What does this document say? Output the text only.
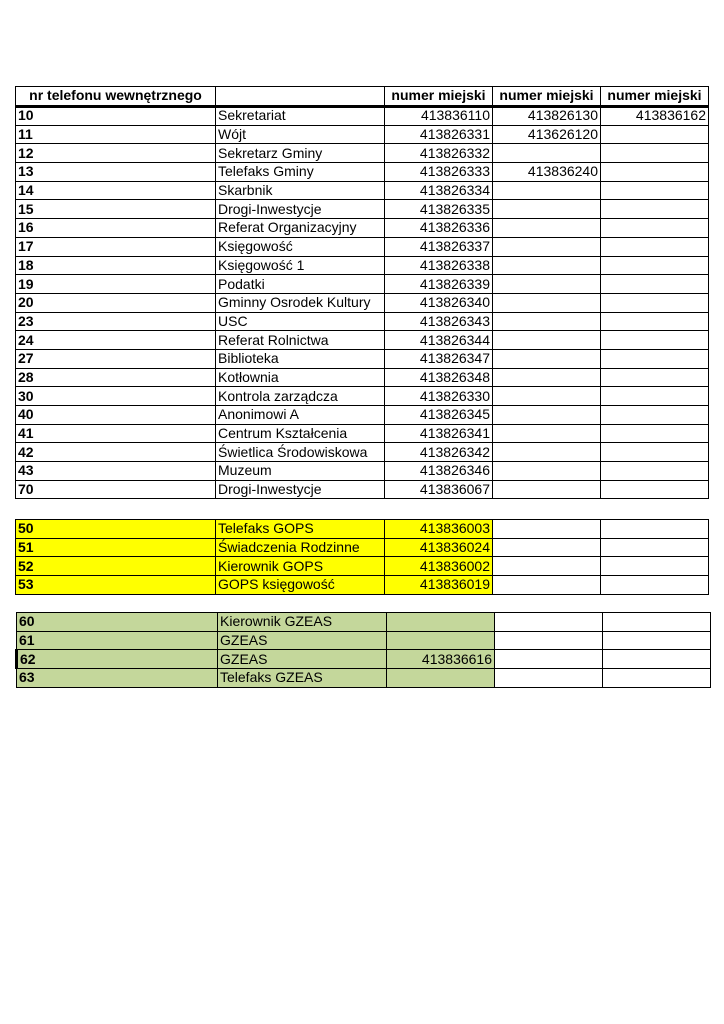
nr telefonu wewnętrznego		numer miejski	numer miejski	numer miejski
10	Sekretariat	413836110	413826130	413836162
11	Wójt	413826331	413626120	
12	Sekretarz Gminy	413826332		
13	Telefaks Gminy	413826333	413836240	
14	Skarbnik	413826334		
15	Drogi-Inwestycje	413826335		
16	Referat Organizacyjny	413826336		
17	Księgowość	413826337		
18	Księgowość 1	413826338		
19	Podatki	413826339		
20	Gminny Osrodek Kultury	413826340		
23	USC	413826343		
24	Referat Rolnictwa	413826344		
27	Biblioteka	413826347		
28	Kotłownia	413826348		
30	Kontrola zarządcza	413826330		
40	Anonimowi A	413826345		
41	Centrum Kształcenia	413826341		
42	Świetlica Środowiskowa	413826342		
43	Muzeum	413826346		
70	Drogi-Inwestycje	413836067		
50	Telefaks GOPS	413836003		
51	Świadczenia Rodzinne	413836024		
52	Kierownik GOPS	413836002		
53	GOPS księgowość	413836019		
60	Kierownik GZEAS			
61	GZEAS			
62	GZEAS	413836616		
63	Telefaks GZEAS			
